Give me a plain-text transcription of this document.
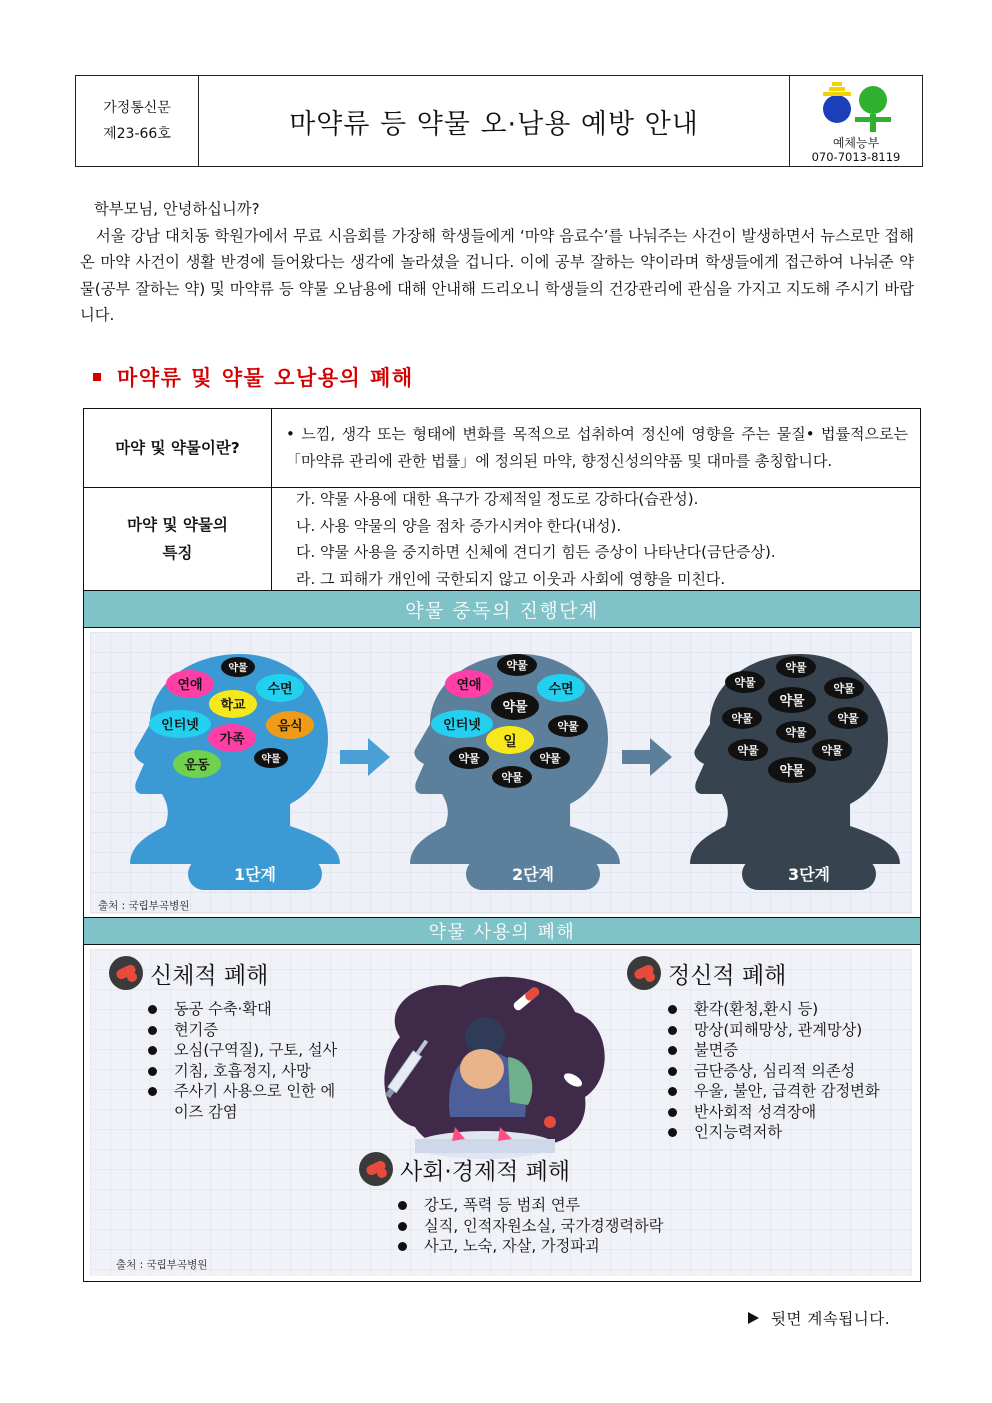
가정통신문
제23-66호	마약류 등 약물 오·남용 예방 안내
예체능부
070-7013-8119

학부모님, 안녕하십니까?

서울 강남 대치동 학원가에서 무료 시음회를 가장해 학생들에게 ‘마약 음료수’를 나눠주는 사건이 발생하면서 뉴스로만 접해온 마약 사건이 생활 반경에 들어왔다는 생각에 놀라셨을 겁니다. 이에 공부 잘하는 약이라며 학생들에게 접근하여 나눠준 약물(공부 잘하는 약) 및 마약류 등 약물 오남용에 대해 안내해 드리오니 학생들의 건강관리에 관심을 가지고 지도해 주시기 바랍니다.

마약류 및 약물 오남용의 폐해
마약 및 약물이란?
• 느낌, 생각 또는 형태에 변화를 목적으로 섭취하여 정신에 영향을 주는 물질• 법률적으로는 「마약류 관리에 관한 법률」에 정의된 마약, 향정신성의약품 및 대마를 총칭합니다.
마약 및 약물의
특징
가. 약물 사용에 대한 욕구가 강제적일 정도로 강하다(습관성).
나. 사용 약물의 양을 점차 증가시켜야 한다(내성).
다. 약물 사용을 중지하면 신체에 견디기 힘든 증상이 나타난다(금단증상).
라. 그 피해가 개인에 국한되지 않고 이웃과 사회에 영향을 미친다.
약물 중독의 진행단계
연애
약물
수면
학교
인터넷	음식
가족
약물
운동
약물
연애	수면
약물
인터넷	약물
일
약물	약물
약물
약물
약물	약물
약물
약물	약물
약물
약물	약물
약물
1단계	2단계	3단계
출처 : 국립부곡병원
약물 사용의 폐해
신체적 폐해
동공 수축·확대
현기증
오심(구역질), 구토, 설사
기침, 호흡정지, 사망
주사기 사용으로 인한 에이즈 감염
정신적 폐해
환각(환청,환시 등)
망상(피해망상, 관계망상)
불면증
금단증상, 심리적 의존성
우울, 불안, 급격한 감정변화
반사회적 성격장애
인지능력저하
사회·경제적 폐해
강도, 폭력 등 범죄 연루
실직, 인적자원소실, 국가경쟁력하락
사고, 노숙, 자살, 가정파괴
출처 : 국립부곡병원
뒷면 계속됩니다.
